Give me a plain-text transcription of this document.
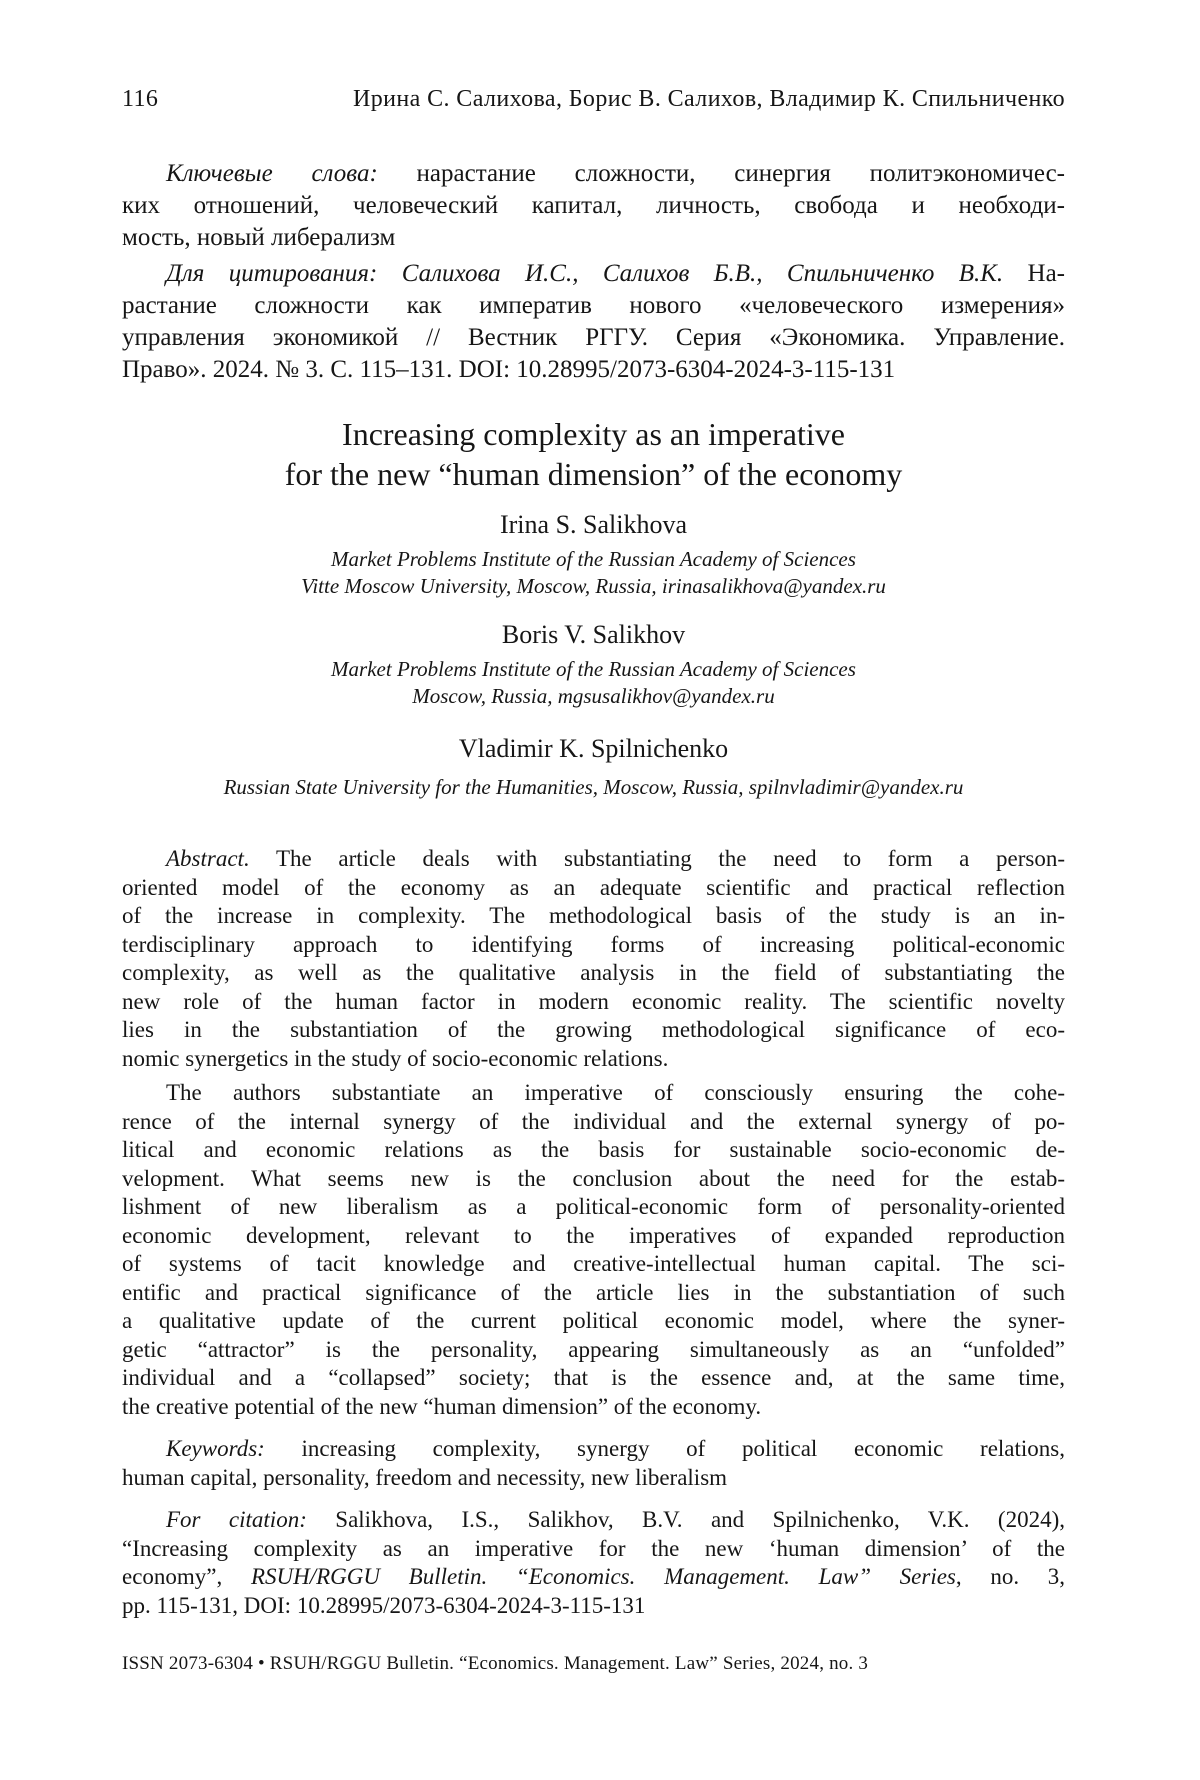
116	Ирина С. Салихова, Борис В. Салихов, Владимир К. Спильниченко
Ключевые слова: нарастание сложности, синергия политэкономичес-
ких отношений, человеческий капитал, личность, свобода и необходи-
мость, новый либерализм
Для цитирования: Салихова И.С., Салихов Б.В., Спильниченко В.К. На-
растание сложности как императив нового «человеческого измерения»
управления экономикой // Вестник РГГУ. Серия «Экономика. Управление.
Право». 2024. № 3. С. 115–131. DOI: 10.28995/2073-6304-2024-3-115-131
Increasing complexity as an imperative
for the new “human dimension” of the economy
Irina S. Salikhova
Market Problems Institute of the Russian Academy of Sciences
Vitte Moscow University, Moscow, Russia, irinasalikhova@yandex.ru
Boris V. Salikhov
Market Problems Institute of the Russian Academy of Sciences
Moscow, Russia, mgsusalikhov@yandex.ru
Vladimir K. Spilnichenko
Russian State University for the Humanities, Moscow, Russia, spilnvladimir@yandex.ru
Abstract. The article deals with substantiating the need to form a person-
oriented model of the economy as an adequate scientific and practical reflection
of the increase in complexity. The methodological basis of the study is an in-
terdisciplinary approach to identifying forms of increasing political-economic
complexity, as well as the qualitative analysis in the field of substantiating the
new role of the human factor in modern economic reality. The scientific novelty
lies in the substantiation of the growing methodological significance of eco-
nomic synergetics in the study of socio-economic relations.
The authors substantiate an imperative of consciously ensuring the cohe-
rence of the internal synergy of the individual and the external synergy of po-
litical and economic relations as the basis for sustainable socio-economic de-
velopment. What seems new is the conclusion about the need for the estab-
lishment of new liberalism as a political-economic form of personality-oriented
economic development, relevant to the imperatives of expanded reproduction
of systems of tacit knowledge and creative-intellectual human capital. The sci-
entific and practical significance of the article lies in the substantiation of such
a qualitative update of the current political economic model, where the syner-
getic “attractor” is the personality, appearing simultaneously as an “unfolded”
individual and a “collapsed” society; that is the essence and, at the same time,
the creative potential of the new “human dimension” of the economy.
Keywords: increasing complexity, synergy of political economic relations,
human capital, personality, freedom and necessity, new liberalism
For citation: Salikhova, I.S., Salikhov, B.V. and Spilnichenko, V.K. (2024),
“Increasing complexity as an imperative for the new ‘human dimension’ of the
economy”, RSUH/RGGU Bulletin. “Economics. Management. Law” Series, no. 3,
pp. 115-131, DOI: 10.28995/2073-6304-2024-3-115-131
ISSN 2073-6304 • RSUH/RGGU Bulletin. “Economics. Management. Law” Series, 2024, no. 3
